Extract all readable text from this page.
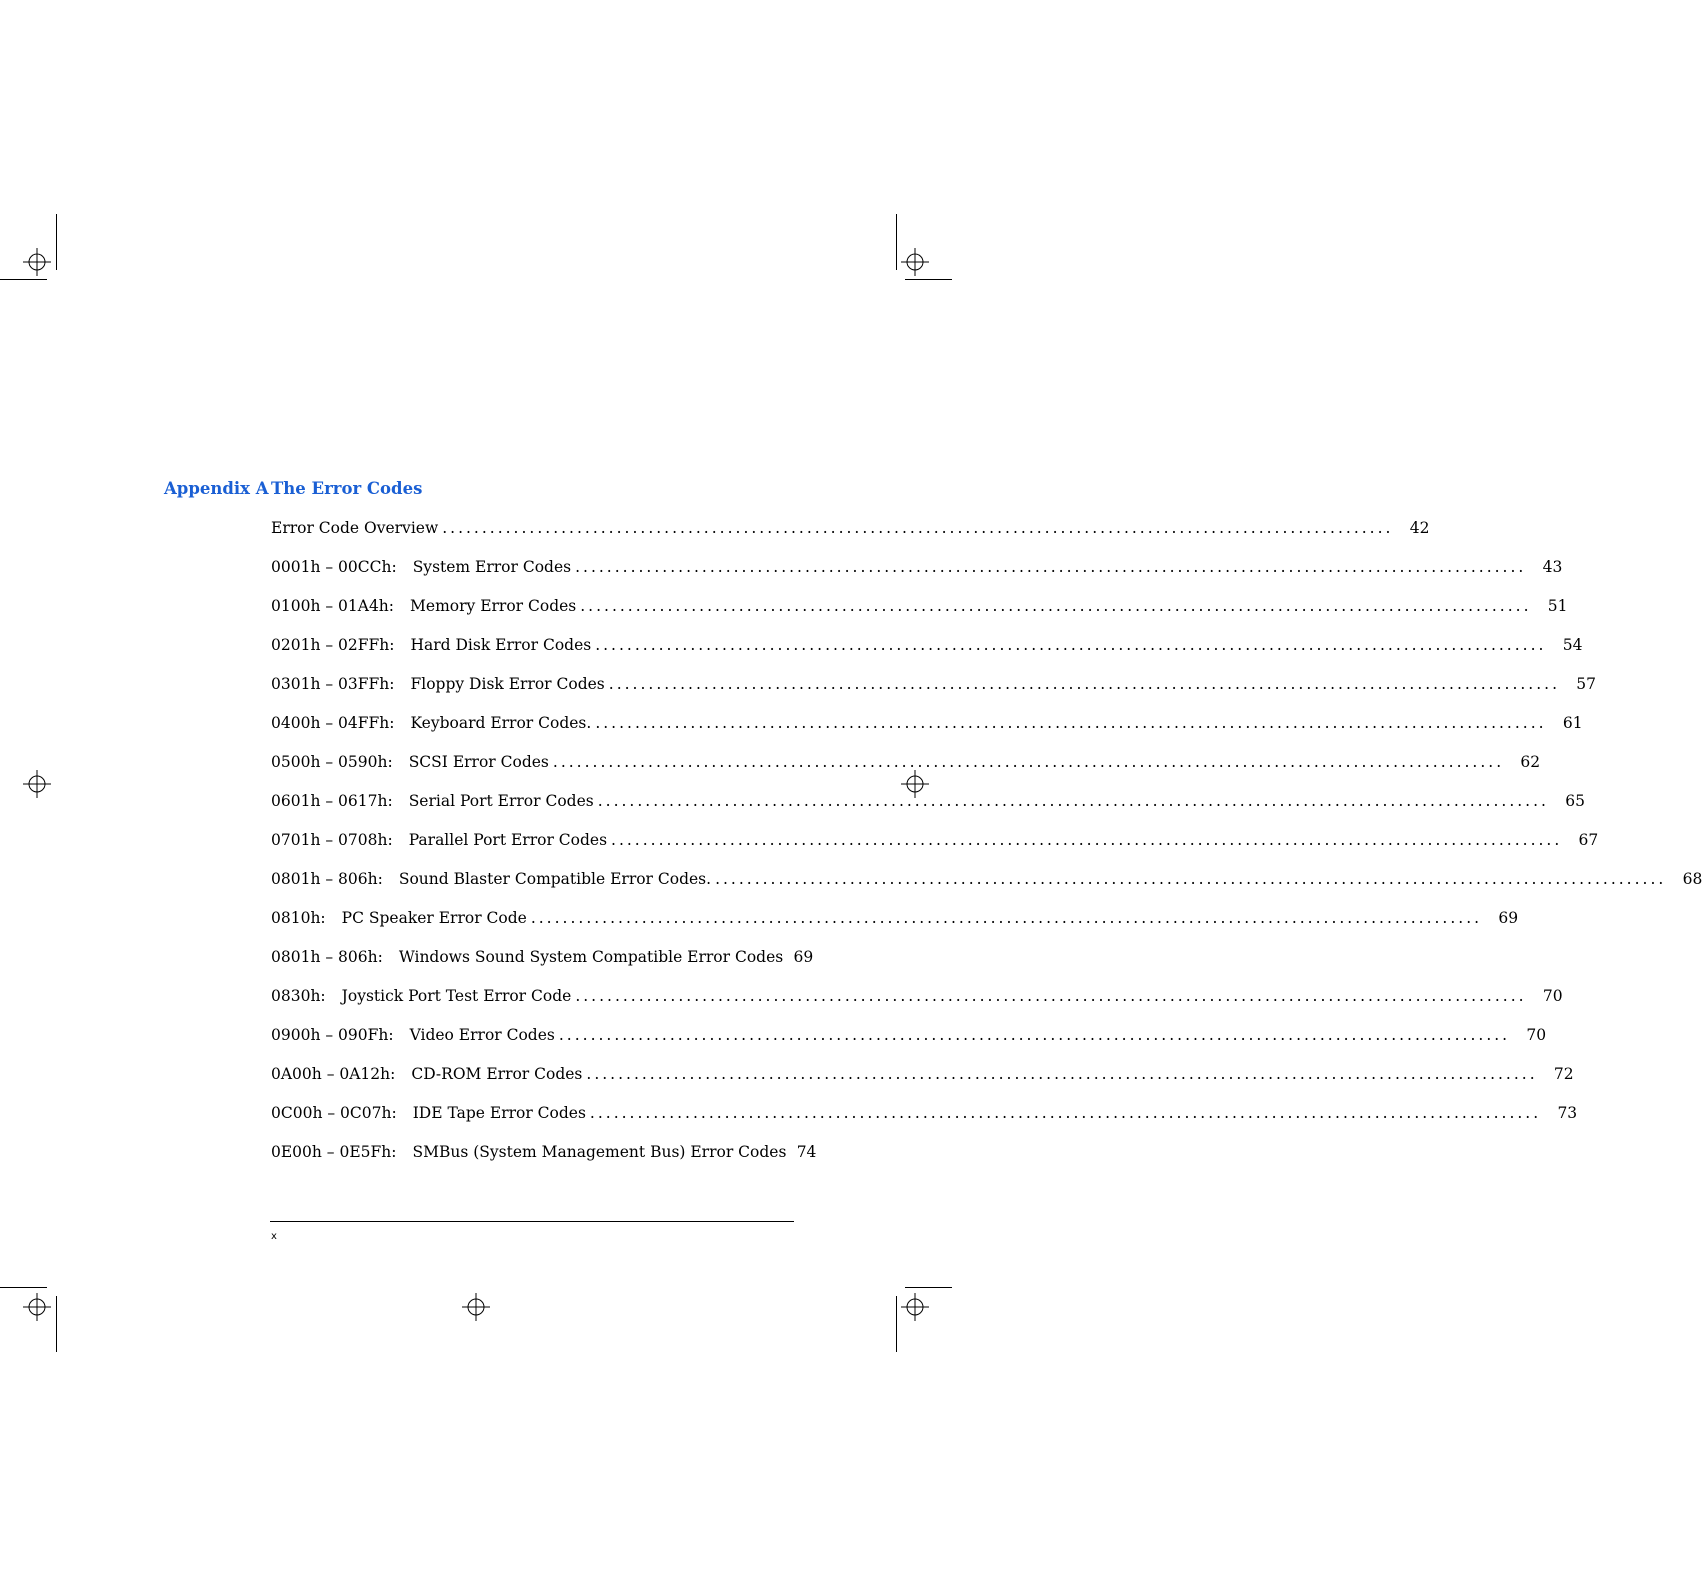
Appendix A The Error Codes
Error Code Overview ........................................................................................................................ 42
0001h – 00CCh: System Error Codes ........................................................................................................................ 43
0100h – 01A4h: Memory Error Codes ........................................................................................................................ 51
0201h – 02FFh: Hard Disk Error Codes ........................................................................................................................ 54
0301h – 03FFh: Floppy Disk Error Codes ........................................................................................................................ 57
0400h – 04FFh: Keyboard Error Codes. ........................................................................................................................ 61
0500h – 0590h: SCSI Error Codes ........................................................................................................................ 62
0601h – 0617h: Serial Port Error Codes ........................................................................................................................ 65
0701h – 0708h: Parallel Port Error Codes ........................................................................................................................ 67
0801h – 806h: Sound Blaster Compatible Error Codes. ........................................................................................................................ 68
0810h: PC Speaker Error Code ........................................................................................................................ 69
0801h – 806h: Windows Sound System Compatible Error Codes 69
0830h: Joystick Port Test Error Code ........................................................................................................................ 70
0900h – 090Fh: Video Error Codes ........................................................................................................................ 70
0A00h – 0A12h: CD-ROM Error Codes ........................................................................................................................ 72
0C00h – 0C07h: IDE Tape Error Codes ........................................................................................................................ 73
0E00h – 0E5Fh: SMBus (System Management Bus) Error Codes 74
x
